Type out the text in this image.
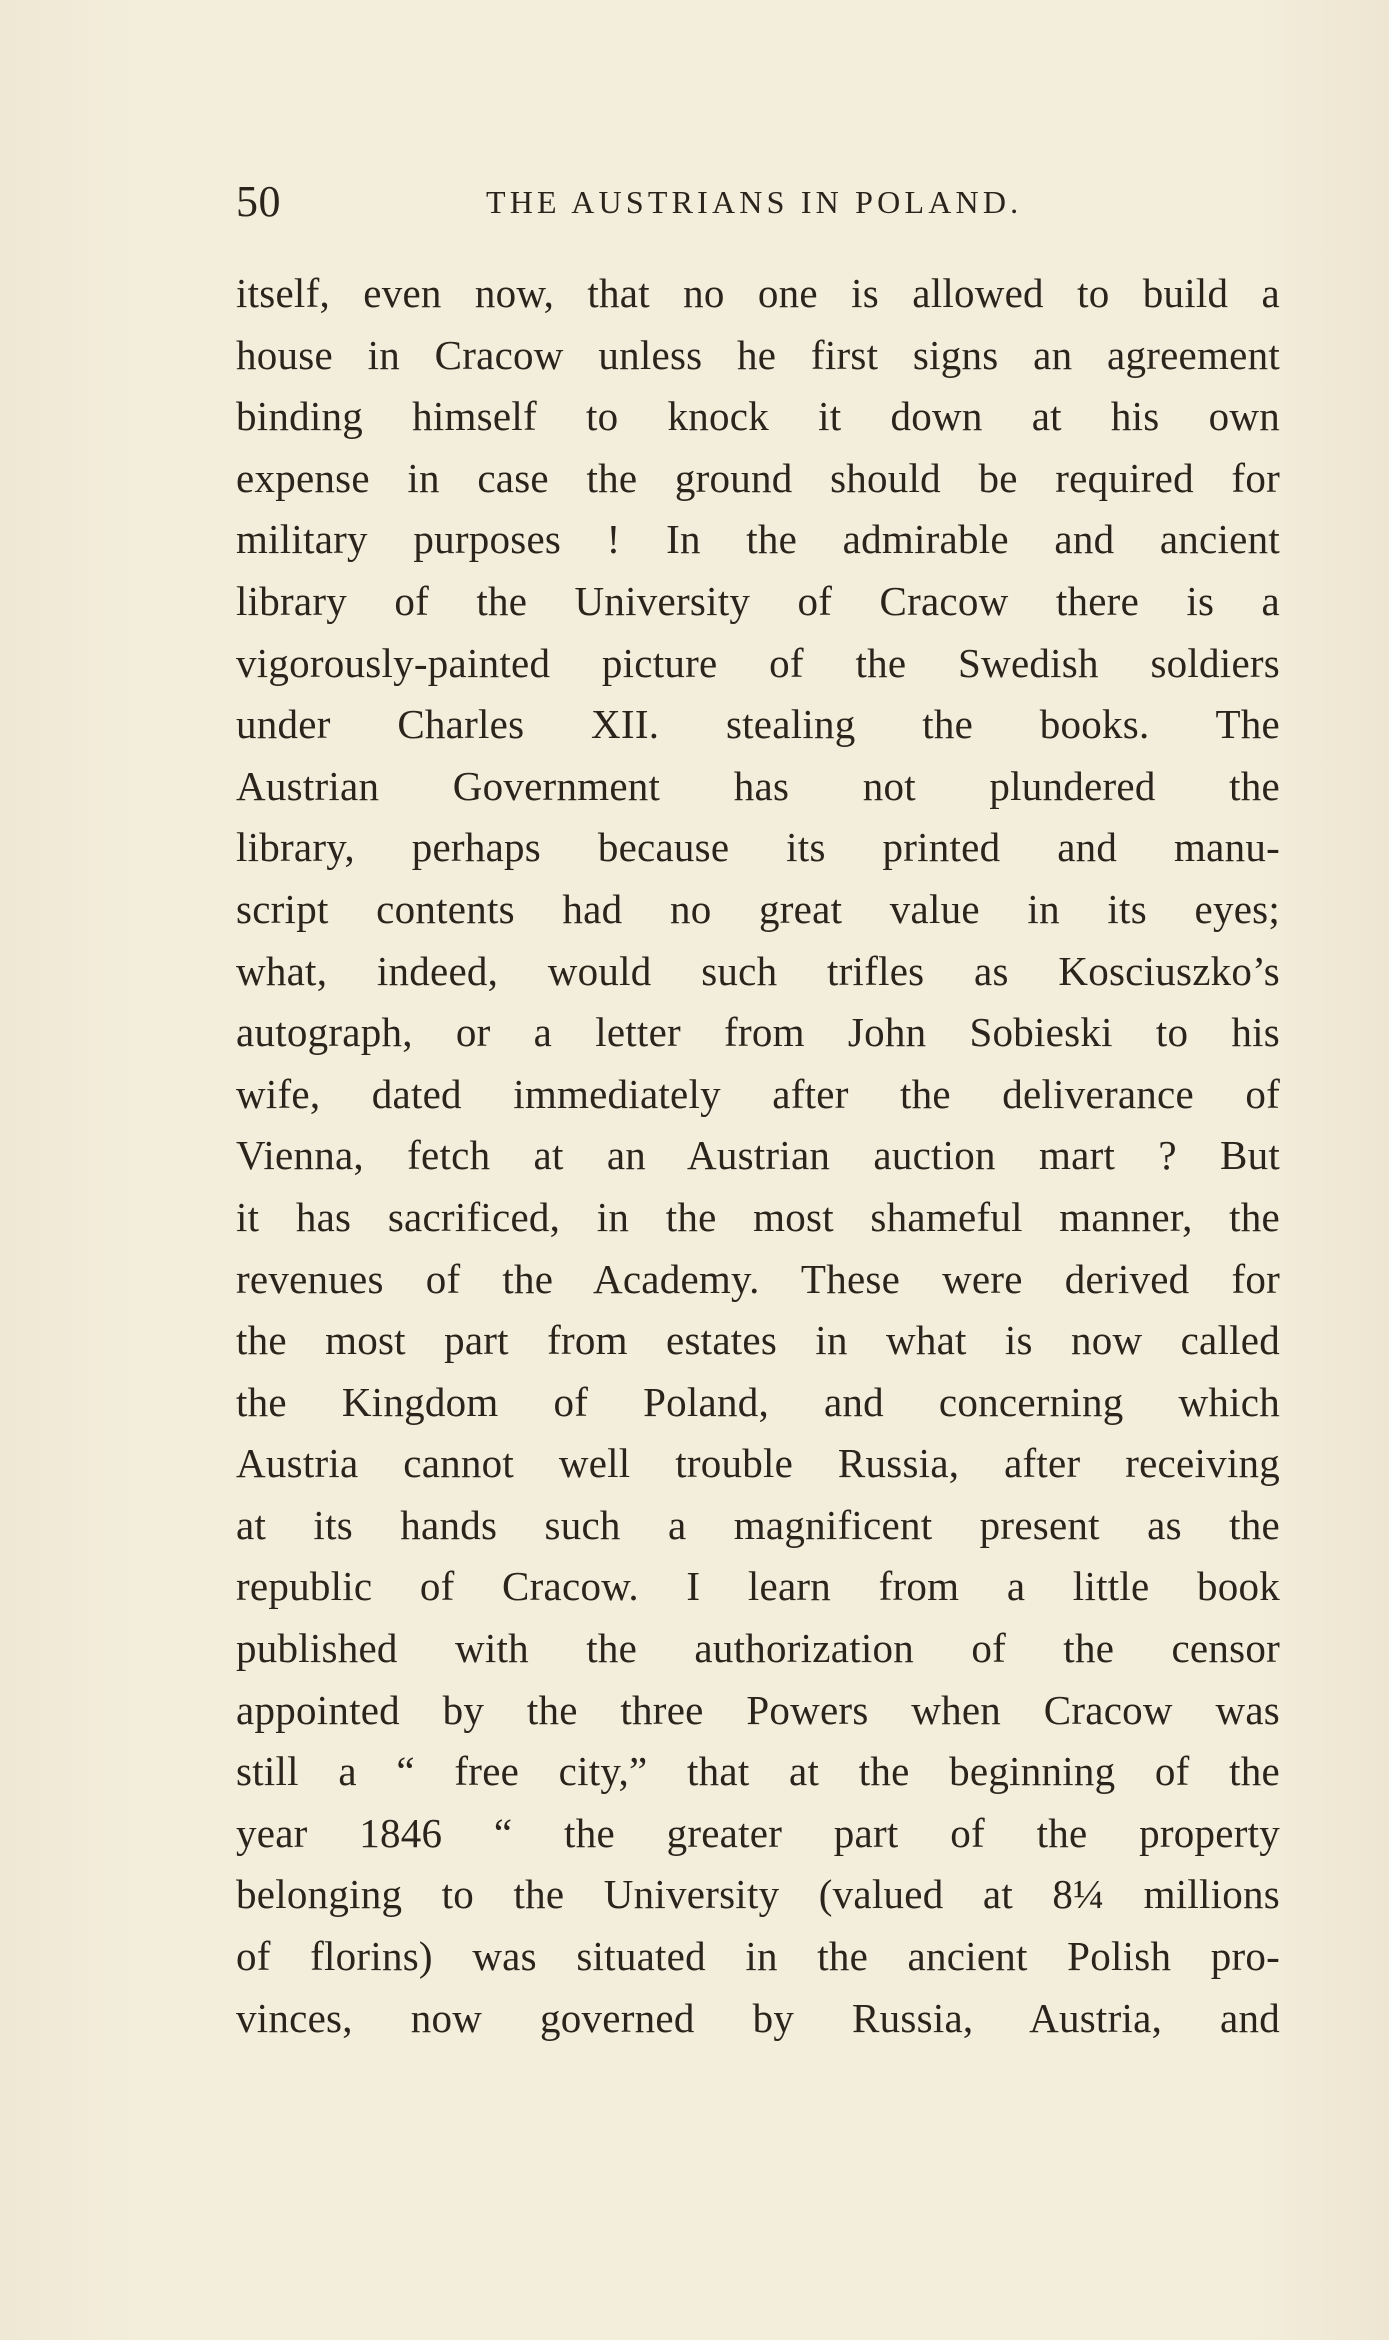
50	THE AUSTRIANS IN POLAND.
itself, even now, that no one is allowed to build a
house in Cracow unless he first signs an agreement
binding himself to knock it down at his own
expense in case the ground should be required for
military purposes ! In the admirable and ancient
library of the University of Cracow there is a
vigorously-painted picture of the Swedish soldiers
under Charles XII. stealing the books. The
Austrian Government has not plundered the
library, perhaps because its printed and manu-
script contents had no great value in its eyes;
what, indeed, would such trifles as Kosciuszko’s
autograph, or a letter from John Sobieski to his
wife, dated immediately after the deliverance of
Vienna, fetch at an Austrian auction mart ? But
it has sacrificed, in the most shameful manner, the
revenues of the Academy. These were derived for
the most part from estates in what is now called
the Kingdom of Poland, and concerning which
Austria cannot well trouble Russia, after receiving
at its hands such a magnificent present as the
republic of Cracow. I learn from a little book
published with the authorization of the censor
appointed by the three Powers when Cracow was
still a “ free city,” that at the beginning of the
year 1846 “ the greater part of the property
belonging to the University (valued at 8¼ millions
of florins) was situated in the ancient Polish pro-
vinces, now governed by Russia, Austria, and
